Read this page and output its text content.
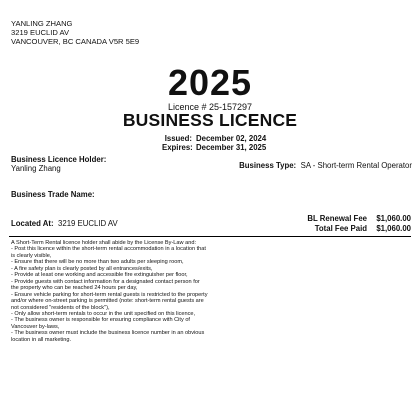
YANLING ZHANG
3219 EUCLID AV
VANCOUVER, BC CANADA V5R 5E9
2025
Licence # 25-157297
BUSINESS LICENCE
Issued: December 02, 2024
Expires: December 31, 2025
Business Licence Holder:
Yanling Zhang	Business Type: SA - Short-term Rental Operator
Business Trade Name:
Located At: 3219 EUCLID AV
BL Renewal Fee	$1,060.00
Total Fee Paid	$1,060.00
A Short-Term Rental licence holder shall abide by the License By-Law and:
- Post this licence within the short-term rental accommodation in a location that
is clearly visible,
- Ensure that there will be no more than two adults per sleeping room,
- A fire safety plan is clearly posted by all entrances/exits,
- Provide at least one working and accessible fire extinguisher per floor,
- Provide guests with contact information for a designated contact person for
the property who can be reached 24 hours per day,
- Ensure vehicle parking for short-term rental guests is restricted to the property
and/or where on-street parking is permitted (note: short-term rental guests are
not considered "residents of the block"),
- Only allow short-term rentals to occur in the unit specified on this licence,
- The business owner is responsible for ensuring compliance with City of
Vancouver by-laws,
- The business owner must include the business licence number in an obvious
location in all marketing.
